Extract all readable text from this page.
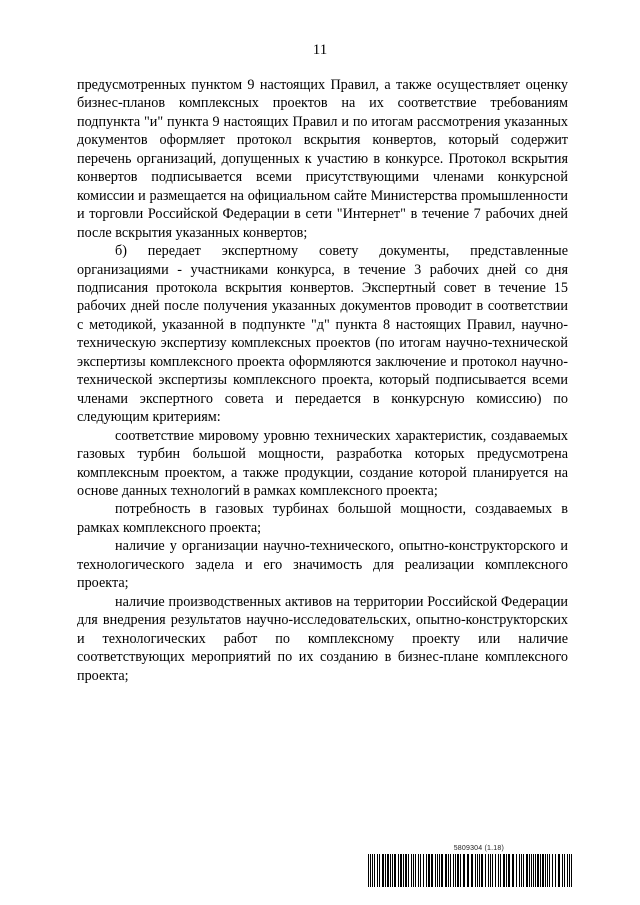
11

предусмотренных пунктом 9 настоящих Правил, а также осуществляет оценку бизнес-планов комплексных проектов на их соответствие требованиям подпункта "и" пункта 9 настоящих Правил и по итогам рассмотрения указанных документов оформляет протокол вскрытия конвертов, который содержит перечень организаций, допущенных к участию в конкурсе. Протокол вскрытия конвертов подписывается всеми присутствующими членами конкурсной комиссии и размещается на официальном сайте Министерства промышленности и торговли Российской Федерации в сети "Интернет" в течение 7 рабочих дней после вскрытия указанных конвертов;

б) передает экспертному совету документы, представленные организациями - участниками конкурса, в течение 3 рабочих дней со дня подписания протокола вскрытия конвертов. Экспертный совет в течение 15 рабочих дней после получения указанных документов проводит в соответствии с методикой, указанной в подпункте "д" пункта 8 настоящих Правил, научно-техническую экспертизу комплексных проектов (по итогам научно-технической экспертизы комплексного проекта оформляются заключение и протокол научно-технической экспертизы комплексного проекта, который подписывается всеми членами экспертного совета и передается в конкурсную комиссию) по следующим критериям:

соответствие мировому уровню технических характеристик, создаваемых газовых турбин большой мощности, разработка которых предусмотрена комплексным проектом, а также продукции, создание которой планируется на основе данных технологий в рамках комплексного проекта;

потребность в газовых турбинах большой мощности, создаваемых в рамках комплексного проекта;

наличие у организации научно-технического, опытно-конструкторского и технологического задела и его значимость для реализации комплексного проекта;

наличие производственных активов на территории Российской Федерации для внедрения результатов научно-исследовательских, опытно-конструкторских и технологических работ по комплексному проекту или наличие соответствующих мероприятий по их созданию в бизнес-плане комплексного проекта;

5809304 (1.18)
